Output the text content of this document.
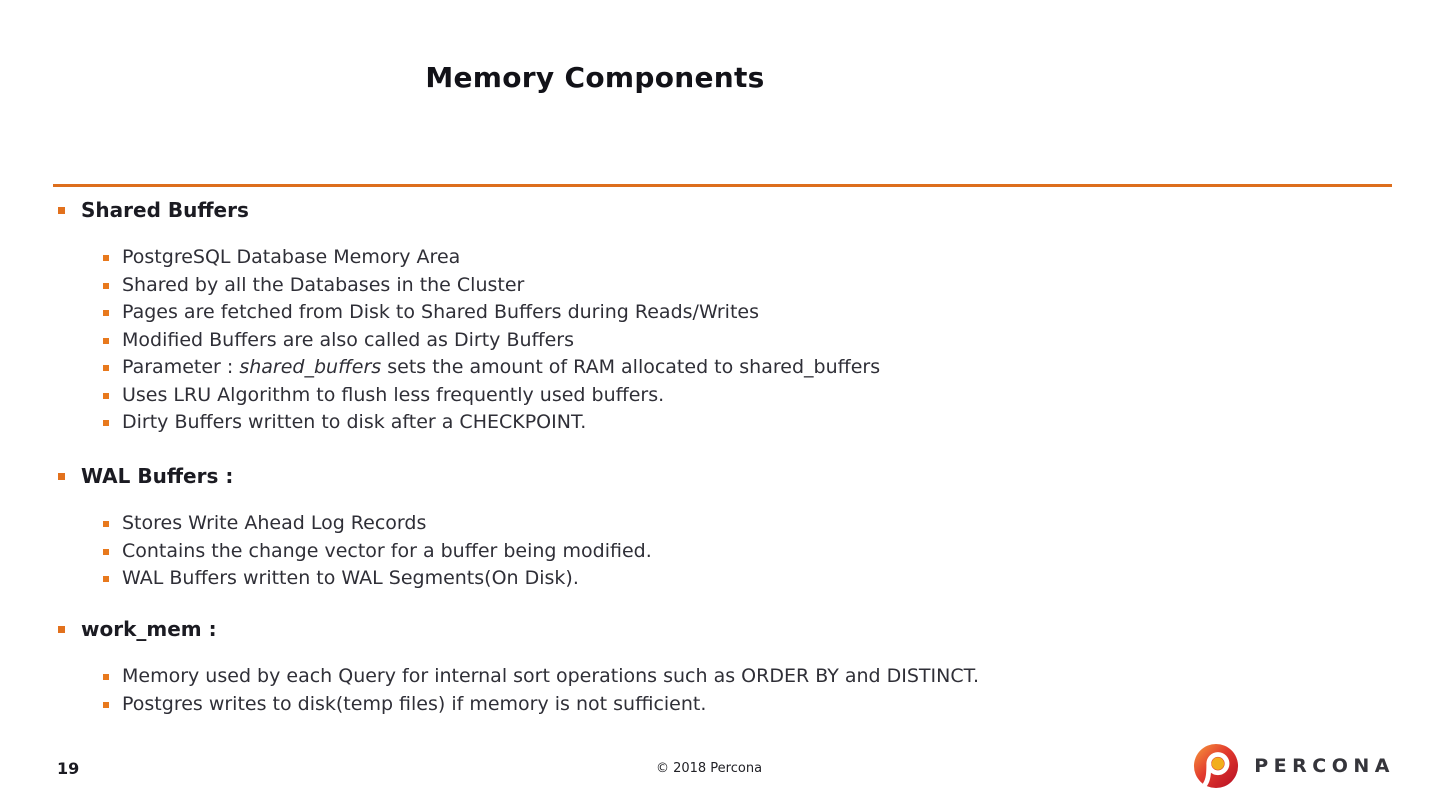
Memory Components
Shared Buffers
PostgreSQL Database Memory Area
Shared by all the Databases in the Cluster
Pages are fetched from Disk to Shared Buffers during Reads/Writes
Modified Buffers are also called as Dirty Buffers
Parameter : shared_buffers sets the amount of RAM allocated to shared_buffers
Uses LRU Algorithm to flush less frequently used buffers.
Dirty Buffers written to disk after a CHECKPOINT.
WAL Buffers :
Stores Write Ahead Log Records
Contains the change vector for a buffer being modified.
WAL Buffers written to WAL Segments(On Disk).
work_mem :
Memory used by each Query for internal sort operations such as ORDER BY and DISTINCT.
Postgres writes to disk(temp files) if memory is not sufficient.
19	© 2018 Percona	PERCONA
